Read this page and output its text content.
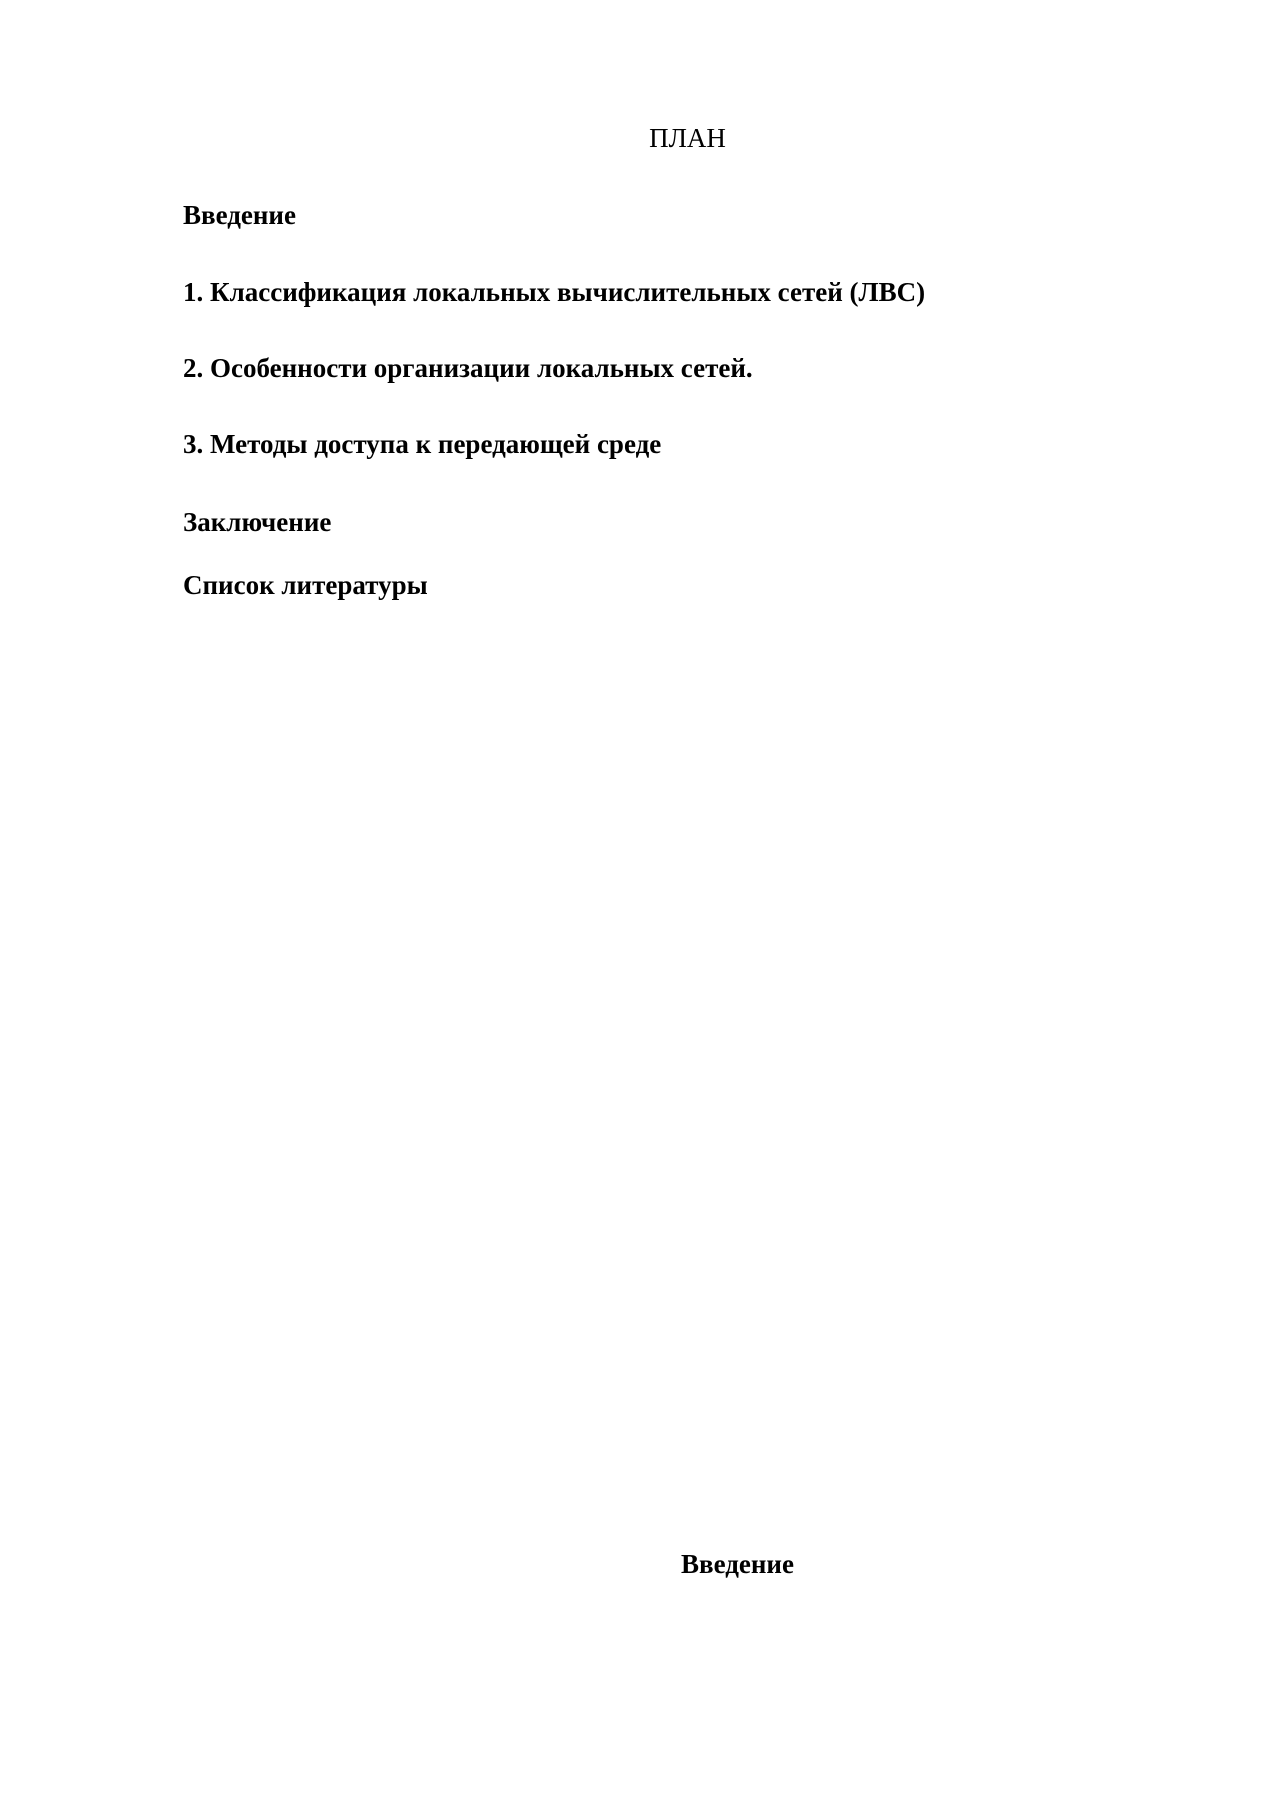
ПЛАН

Введение

1. Классификация локальных вычислительных сетей (ЛВС)

2. Особенности организации локальных сетей.

3. Методы доступа к передающей среде

Заключение

Список литературы

Введение
